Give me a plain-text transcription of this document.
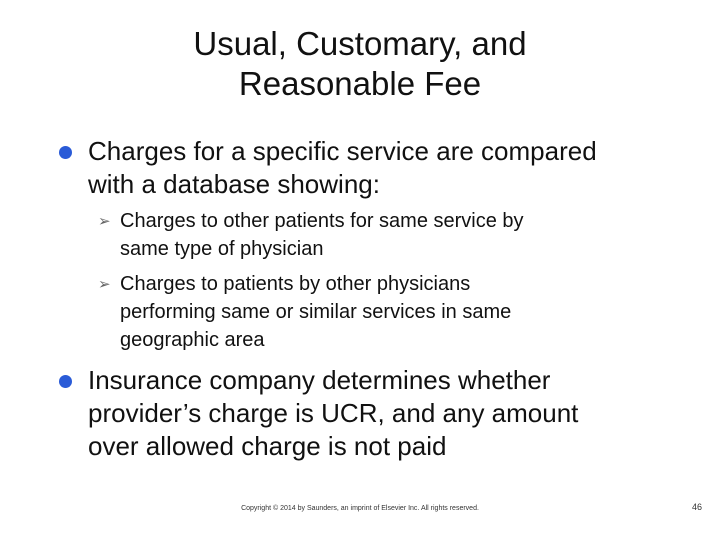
Usual, Customary, and
Reasonable Fee
Charges for a specific service are compared
with a database showing:
➢ Charges to other patients for same service by
same type of physician
➢ Charges to patients by other physicians
performing same or similar services in same
geographic area
Insurance company determines whether
provider’s charge is UCR, and any amount
over allowed charge is not paid
Copyright © 2014 by Saunders, an imprint of Elsevier Inc. All rights reserved.	46
